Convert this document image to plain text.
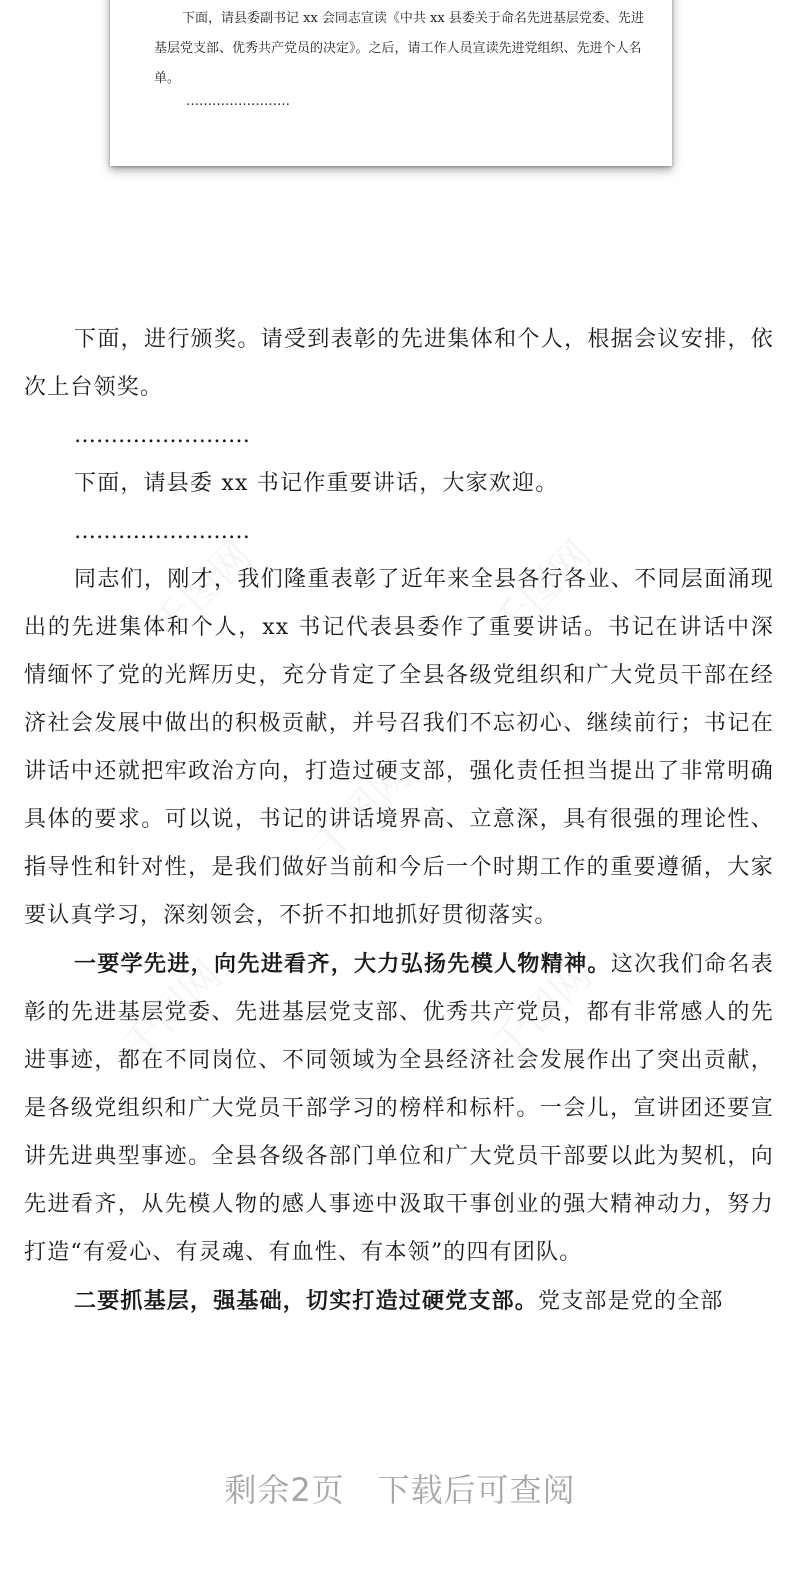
下面，请县委副书记 xx 会同志宣读《中共 xx 县委关于命名先进基层党委、先进基层党支部、优秀共产党员的决定》。之后，请工作人员宣读先进党组织、先进个人名单。

……………………

下面，进行颁奖。请受到表彰的先进集体和个人，根据会议安排，依次上台领奖。

……………………

下面，请县委 xx 书记作重要讲话，大家欢迎。

……………………

同志们，刚才，我们隆重表彰了近年来全县各行各业、不同层面涌现出的先进集体和个人，xx 书记代表县委作了重要讲话。书记在讲话中深情缅怀了党的光辉历史，充分肯定了全县各级党组织和广大党员干部在经济社会发展中做出的积极贡献，并号召我们不忘初心、继续前行；书记在讲话中还就把牢政治方向，打造过硬支部，强化责任担当提出了非常明确具体的要求。可以说，书记的讲话境界高、立意深，具有很强的理论性、指导性和针对性，是我们做好当前和今后一个时期工作的重要遵循，大家要认真学习，深刻领会，不折不扣地抓好贯彻落实。

一要学先进，向先进看齐，大力弘扬先模人物精神。这次我们命名表彰的先进基层党委、先进基层党支部、优秀共产党员，都有非常感人的先进事迹，都在不同岗位、不同领域为全县经济社会发展作出了突出贡献，是各级党组织和广大党员干部学习的榜样和标杆。一会儿，宣讲团还要宣讲先进典型事迹。全县各级各部门单位和广大党员干部要以此为契机，向先进看齐，从先模人物的感人事迹中汲取干事创业的强大精神动力，努力打造“有爱心、有灵魂、有血性、有本领”的四有团队。

二要抓基层，强基础，切实打造过硬党支部。党支部是党的全部

剩余2页　下载后可查阅
